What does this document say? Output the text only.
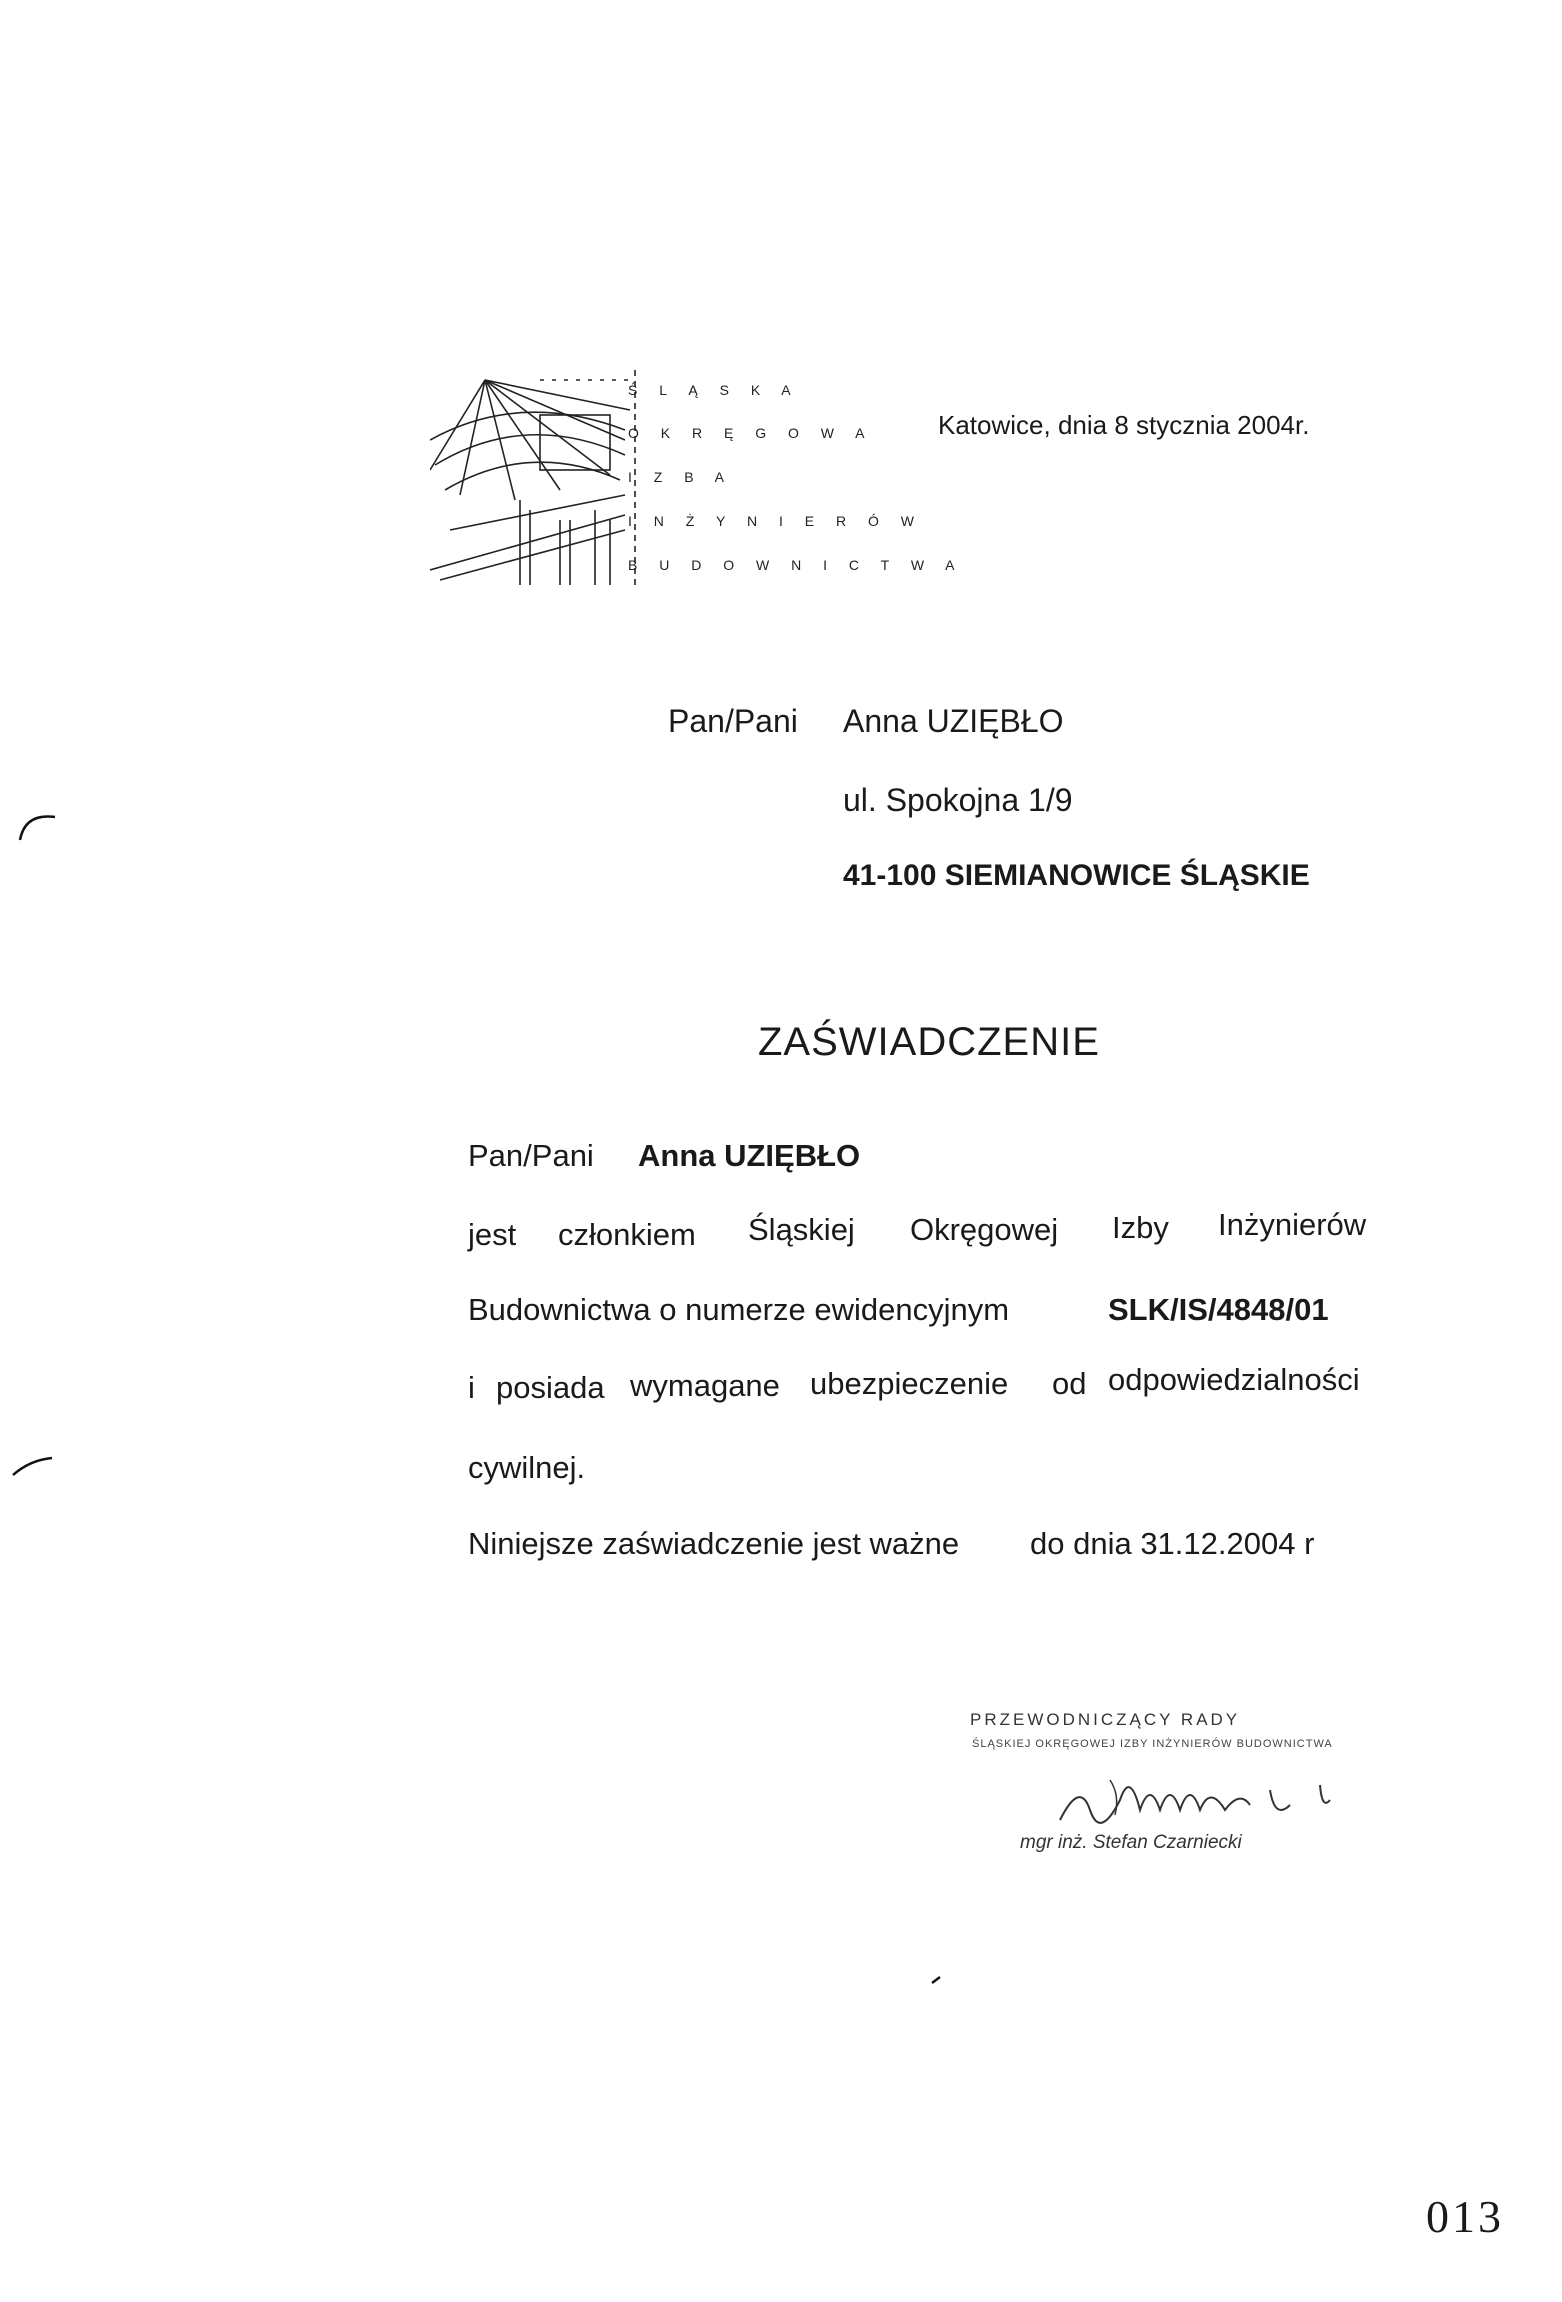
Ś L Ą S K A
O K R Ę G O W A
I Z B A
I N Ż Y N I E R Ó W
B U D O W N I C T W A
Katowice, dnia 8 stycznia 2004r.
Pan/Pani Anna UZIĘBŁO
ul. Spokojna 1/9
41-100 SIEMIANOWICE ŚLĄSKIE
ZAŚWIADCZENIE
Pan/Pani Anna UZIĘBŁO
jest członkiem Śląskiej Okręgowej Izby Inżynierów
Budownictwa o numerze ewidencyjnym	SLK/IS/4848/01
i posiada wymagane ubezpieczenie od odpowiedzialności
cywilnej.
Niniejsze zaświadczenie jest ważne do dnia 31.12.2004 r
PRZEWODNICZĄCY RADY
ŚLĄSKIEJ OKRĘGOWEJ IZBY INŻYNIERÓW BUDOWNICTWA
mgr inż. Stefan Czarniecki
013
